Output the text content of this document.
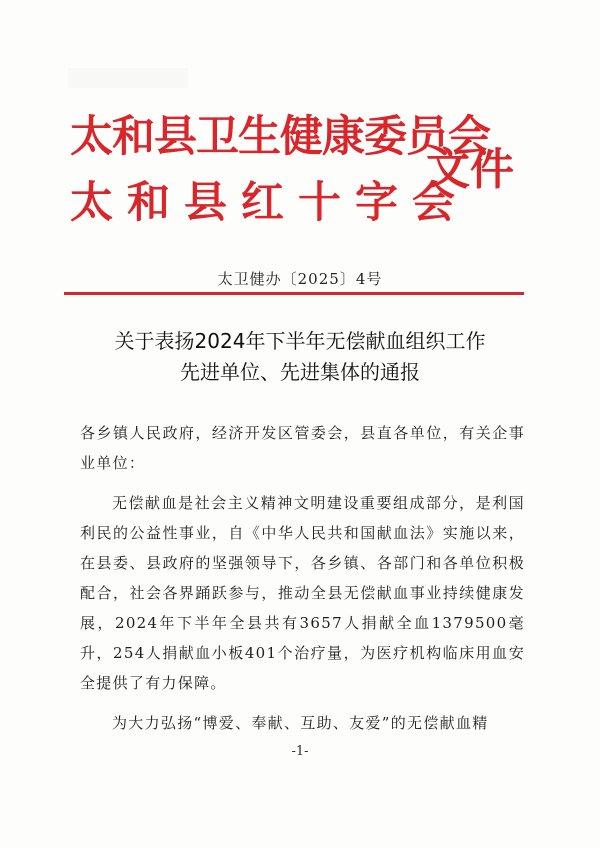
太和县卫生健康委员会
太和县红十字会
文件
太卫健办〔2025〕4号
关于表扬2024年下半年无偿献血组织工作
先进单位、先进集体的通报

各乡镇人民政府，经济开发区管委会，县直各单位，有关企事业单位：

无偿献血是社会主义精神文明建设重要组成部分，是利国利民的公益性事业，自《中华人民共和国献血法》实施以来，在县委、县政府的坚强领导下，各乡镇、各部门和各单位积极配合，社会各界踊跃参与，推动全县无偿献血事业持续健康发展，2024年下半年全县共有3657人捐献全血1379500毫升，254人捐献血小板401个治疗量，为医疗机构临床用血安全提供了有力保障。

为大力弘扬“博爱、奉献、互助、友爱”的无偿献血精

-1-
